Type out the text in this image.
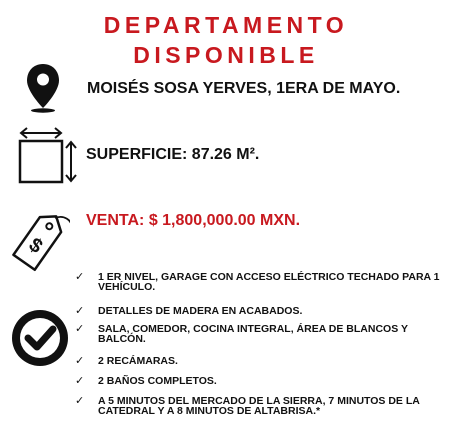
DEPARTAMENTO
DISPONIBLE
MOISÉS SOSA YERVES, 1ERA DE MAYO.
SUPERFICIE: 87.26 M².
$
VENTA: $ 1,800,000.00 MXN.
✓ 1 ER NIVEL, GARAGE CON ACCESO ELÉCTRICO TECHADO PARA 1 VEHÍCULO.
✓ DETALLES DE MADERA EN ACABADOS.
✓ SALA, COMEDOR, COCINA INTEGRAL, ÁREA DE BLANCOS Y BALCÓN.
✓ 2 RECÁMARAS.
✓ 2 BAÑOS COMPLETOS.
✓ A 5 MINUTOS DEL MERCADO DE LA SIERRA, 7 MINUTOS DE LA CATEDRAL Y A 8 MINUTOS DE ALTABRISA.*
